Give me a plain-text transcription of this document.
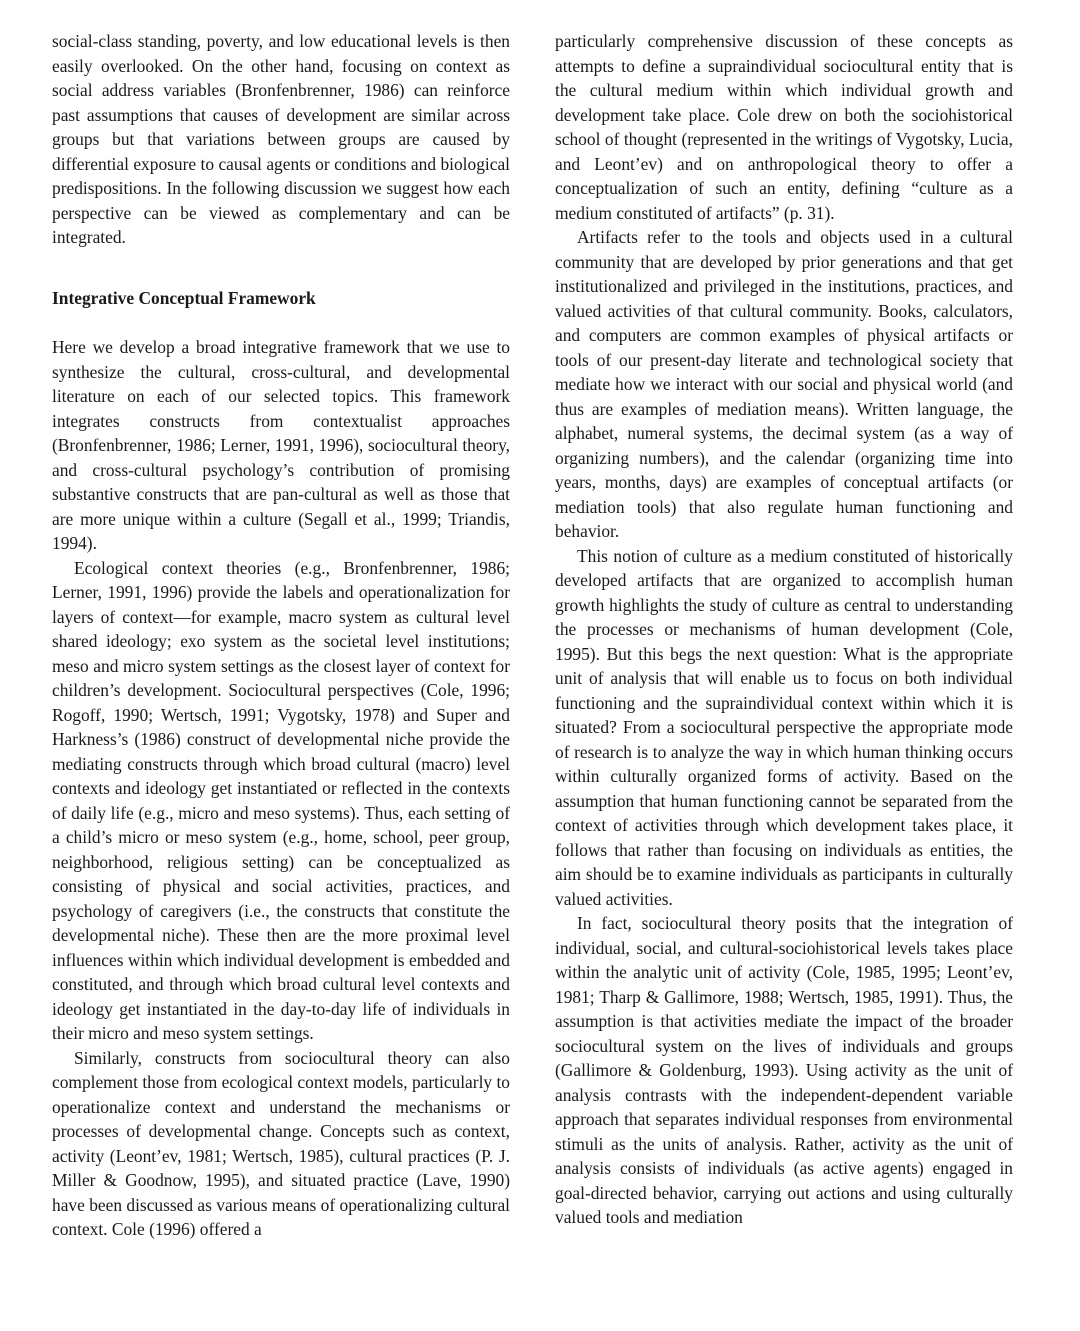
social-class standing, poverty, and low educational levels is then easily overlooked. On the other hand, focusing on context as social address variables (Bronfenbrenner, 1986) can reinforce past assumptions that causes of development are similar across groups but that variations between groups are caused by differential exposure to causal agents or conditions and biological predispositions. In the following discussion we suggest how each perspective can be viewed as complementary and can be integrated.

Integrative Conceptual Framework

Here we develop a broad integrative framework that we use to synthesize the cultural, cross-cultural, and developmental literature on each of our selected topics. This framework integrates constructs from contextualist approaches (Bronfenbrenner, 1986; Lerner, 1991, 1996), sociocultural theory, and cross-cultural psychology’s contribution of promising substantive constructs that are pan-cultural as well as those that are more unique within a culture (Segall et al., 1999; Triandis, 1994).

Ecological context theories (e.g., Bronfenbrenner, 1986; Lerner, 1991, 1996) provide the labels and operationalization for layers of context—for example, macro system as cultural level shared ideology; exo system as the societal level institutions; meso and micro system settings as the closest layer of context for children’s development. Sociocultural perspectives (Cole, 1996; Rogoff, 1990; Wertsch, 1991; Vygotsky, 1978) and Super and Harkness’s (1986) construct of developmental niche provide the mediating constructs through which broad cultural (macro) level contexts and ideology get instantiated or reflected in the contexts of daily life (e.g., micro and meso systems). Thus, each setting of a child’s micro or meso system (e.g., home, school, peer group, neighborhood, religious setting) can be conceptualized as consisting of physical and social activities, practices, and psychology of caregivers (i.e., the constructs that constitute the developmental niche). These then are the more proximal level influences within which individual development is embedded and constituted, and through which broad cultural level contexts and ideology get instantiated in the day-to-day life of individuals in their micro and meso system settings.

Similarly, constructs from sociocultural theory can also complement those from ecological context models, particularly to operationalize context and understand the mechanisms or processes of developmental change. Concepts such as context, activity (Leont’ev, 1981; Wertsch, 1985), cultural practices (P. J. Miller & Goodnow, 1995), and situated practice (Lave, 1990) have been discussed as various means of operationalizing cultural context. Cole (1996) offered a

particularly comprehensive discussion of these concepts as attempts to define a supraindividual sociocultural entity that is the cultural medium within which individual growth and development take place. Cole drew on both the sociohistorical school of thought (represented in the writings of Vygotsky, Lucia, and Leont’ev) and on anthropological theory to offer a conceptualization of such an entity, defining “culture as a medium constituted of artifacts” (p. 31).

Artifacts refer to the tools and objects used in a cultural community that are developed by prior generations and that get institutionalized and privileged in the institutions, practices, and valued activities of that cultural community. Books, calculators, and computers are common examples of physical artifacts or tools of our present-day literate and technological society that mediate how we interact with our social and physical world (and thus are examples of mediation means). Written language, the alphabet, numeral systems, the decimal system (as a way of organizing numbers), and the calendar (organizing time into years, months, days) are examples of conceptual artifacts (or mediation tools) that also regulate human functioning and behavior.

This notion of culture as a medium constituted of historically developed artifacts that are organized to accomplish human growth highlights the study of culture as central to understanding the processes or mechanisms of human development (Cole, 1995). But this begs the next question: What is the appropriate unit of analysis that will enable us to focus on both individual functioning and the supraindividual context within which it is situated? From a sociocultural perspective the appropriate mode of research is to analyze the way in which human thinking occurs within culturally organized forms of activity. Based on the assumption that human functioning cannot be separated from the context of activities through which development takes place, it follows that rather than focusing on individuals as entities, the aim should be to examine individuals as participants in culturally valued activities.

In fact, sociocultural theory posits that the integration of individual, social, and cultural-sociohistorical levels takes place within the analytic unit of activity (Cole, 1985, 1995; Leont’ev, 1981; Tharp & Gallimore, 1988; Wertsch, 1985, 1991). Thus, the assumption is that activities mediate the impact of the broader sociocultural system on the lives of individuals and groups (Gallimore & Goldenburg, 1993). Using activity as the unit of analysis contrasts with the independent-dependent variable approach that separates individual responses from environmental stimuli as the units of analysis. Rather, activity as the unit of analysis consists of individuals (as active agents) engaged in goal-directed behavior, carrying out actions and using culturally valued tools and mediation
